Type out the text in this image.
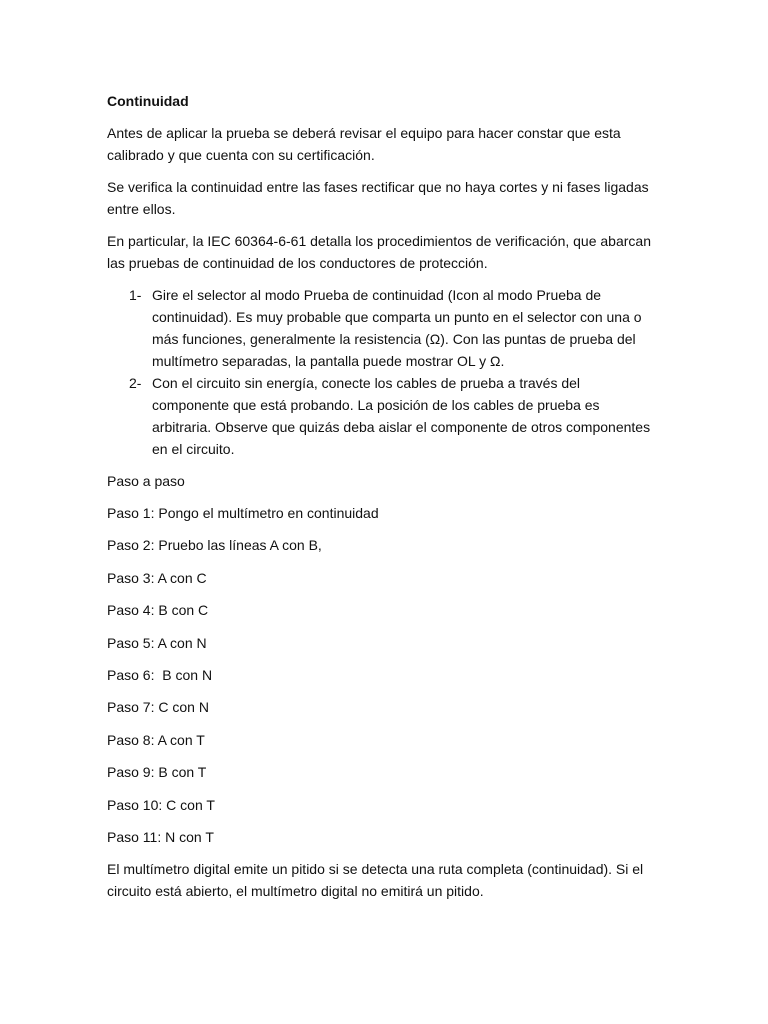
Continuidad

Antes de aplicar la prueba se deberá revisar el equipo para hacer constar que esta calibrado y que cuenta con su certificación.

Se verifica la continuidad entre las fases rectificar que no haya cortes y ni fases ligadas entre ellos.

En particular, la IEC 60364-6-61 detalla los procedimientos de verificación, que abarcan las pruebas de continuidad de los conductores de protección.

1- Gire el selector al modo Prueba de continuidad (Icon al modo Prueba de continuidad). Es muy probable que comparta un punto en el selector con una o más funciones, generalmente la resistencia (Ω). Con las puntas de prueba del multímetro separadas, la pantalla puede mostrar OL y Ω.
2- Con el circuito sin energía, conecte los cables de prueba a través del componente que está probando. La posición de los cables de prueba es arbitraria. Observe que quizás deba aislar el componente de otros componentes en el circuito.

Paso a paso

Paso 1: Pongo el multímetro en continuidad
Paso 2: Pruebo las líneas A con B,
Paso 3: A con C
Paso 4: B con C
Paso 5: A con N
Paso 6:  B con N
Paso 7: C con N
Paso 8: A con T
Paso 9: B con T
Paso 10: C con T
Paso 11: N con T

El multímetro digital emite un pitido si se detecta una ruta completa (continuidad). Si el circuito está abierto, el multímetro digital no emitirá un pitido.
